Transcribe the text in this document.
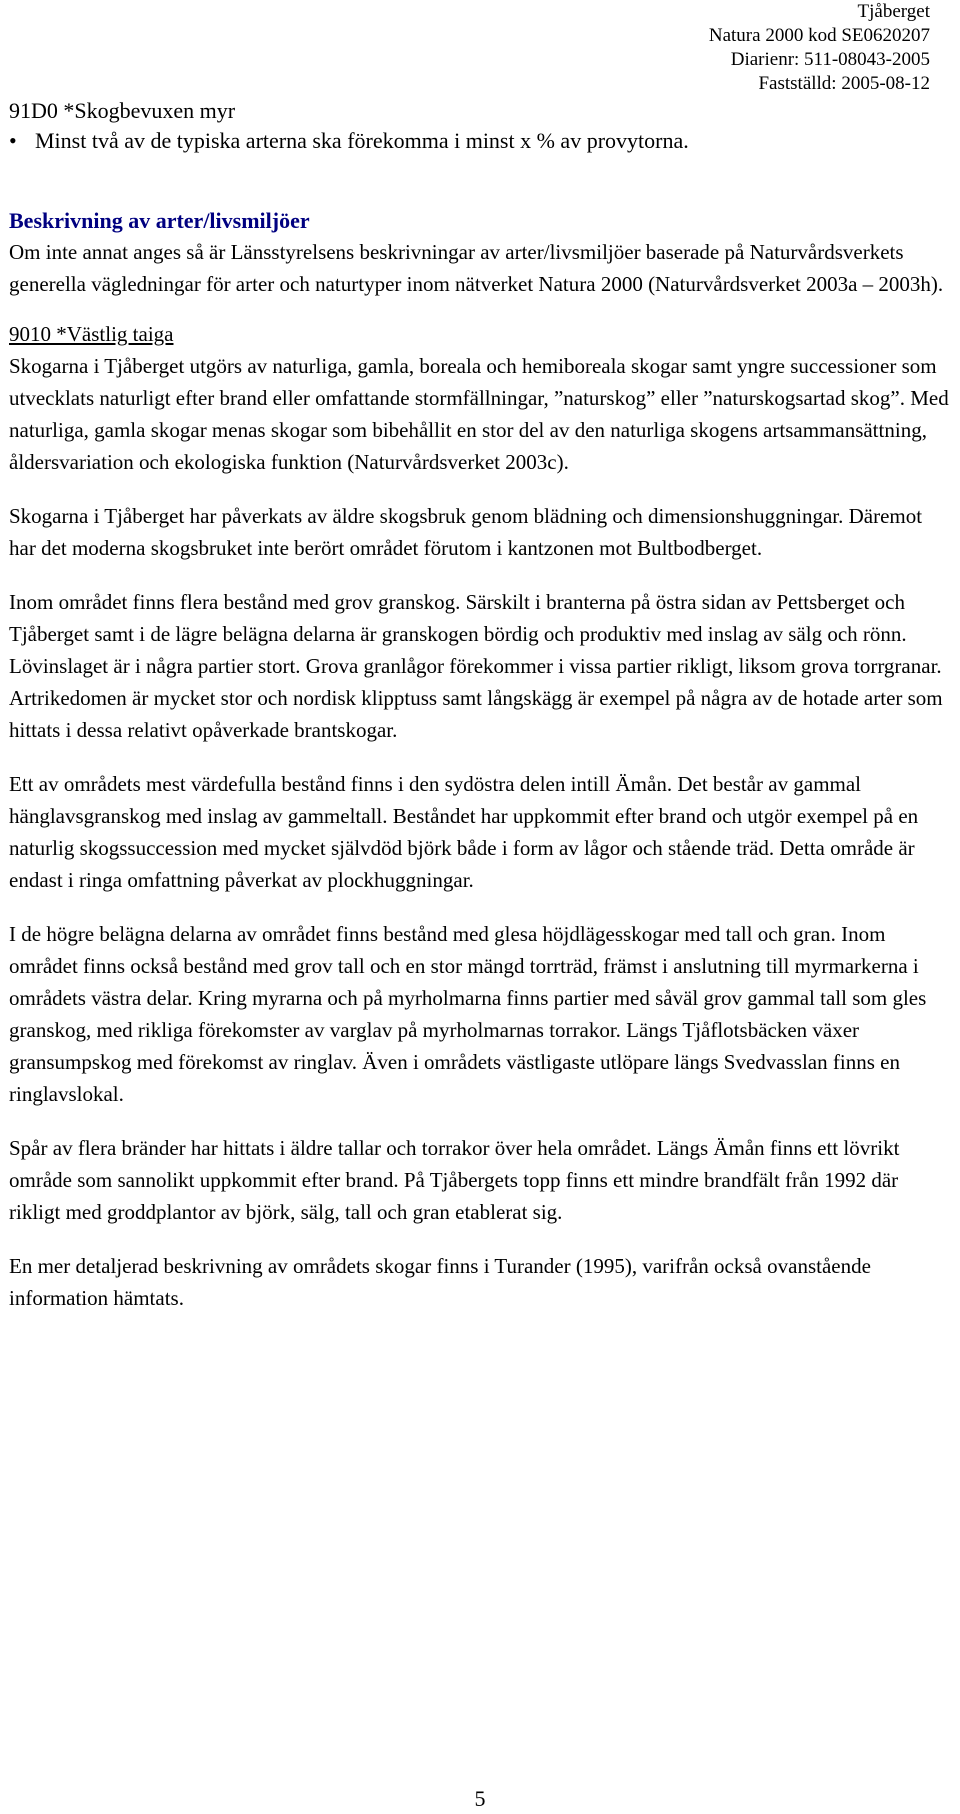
Tjåberget
Natura 2000 kod SE0620207
Diarienr: 511-08043-2005
Fastställd: 2005-08-12
91D0 *Skogbevuxen myr
• Minst två av de typiska arterna ska förekomma i minst x % av provytorna.
Beskrivning av arter/livsmiljöer

Om inte annat anges så är Länsstyrelsens beskrivningar av arter/livsmiljöer baserade på Naturvårdsverkets generella vägledningar för arter och naturtyper inom nätverket Natura 2000 (Naturvårdsverket 2003a – 2003h).

9010 *Västlig taiga

Skogarna i Tjåberget utgörs av naturliga, gamla, boreala och hemiboreala skogar samt yngre successioner som utvecklats naturligt efter brand eller omfattande stormfällningar, ”naturskog” eller ”naturskogsartad skog”. Med naturliga, gamla skogar menas skogar som bibehållit en stor del av den naturliga skogens artsammansättning, åldersvariation och ekologiska funktion (Naturvårdsverket 2003c).

Skogarna i Tjåberget har påverkats av äldre skogsbruk genom blädning och dimensionshuggningar. Däremot har det moderna skogsbruket inte berört området förutom i kantzonen mot Bultbodberget.

Inom området finns flera bestånd med grov granskog. Särskilt i branterna på östra sidan av Pettsberget och Tjåberget samt i de lägre belägna delarna är granskogen bördig och produktiv med inslag av sälg och rönn. Lövinslaget är i några partier stort. Grova granlågor förekommer i vissa partier rikligt, liksom grova torrgranar. Artrikedomen är mycket stor och nordisk klipptuss samt långskägg är exempel på några av de hotade arter som hittats i dessa relativt opåverkade brantskogar.

Ett av områdets mest värdefulla bestånd finns i den sydöstra delen intill Ämån. Det består av gammal hänglavsgranskog med inslag av gammeltall. Beståndet har uppkommit efter brand och utgör exempel på en naturlig skogssuccession med mycket självdöd björk både i form av lågor och stående träd. Detta område är endast i ringa omfattning påverkat av plockhuggningar.

I de högre belägna delarna av området finns bestånd med glesa höjdlägesskogar med tall och gran. Inom området finns också bestånd med grov tall och en stor mängd torrträd, främst i anslutning till myrmarkerna i områdets västra delar. Kring myrarna och på myrholmarna finns partier med såväl grov gammal tall som gles granskog, med rikliga förekomster av varglav på myrholmarnas torrakor. Längs Tjåflotsbäcken växer gransumpskog med förekomst av ringlav. Även i områdets västligaste utlöpare längs Svedvasslan finns en ringlavslokal.

Spår av flera bränder har hittats i äldre tallar och torrakor över hela området. Längs Ämån finns ett lövrikt område som sannolikt uppkommit efter brand. På Tjåbergets topp finns ett mindre brandfält från 1992 där rikligt med groddplantor av björk, sälg, tall och gran etablerat sig.

En mer detaljerad beskrivning av områdets skogar finns i Turander (1995), varifrån också ovanstående information hämtats.

5
